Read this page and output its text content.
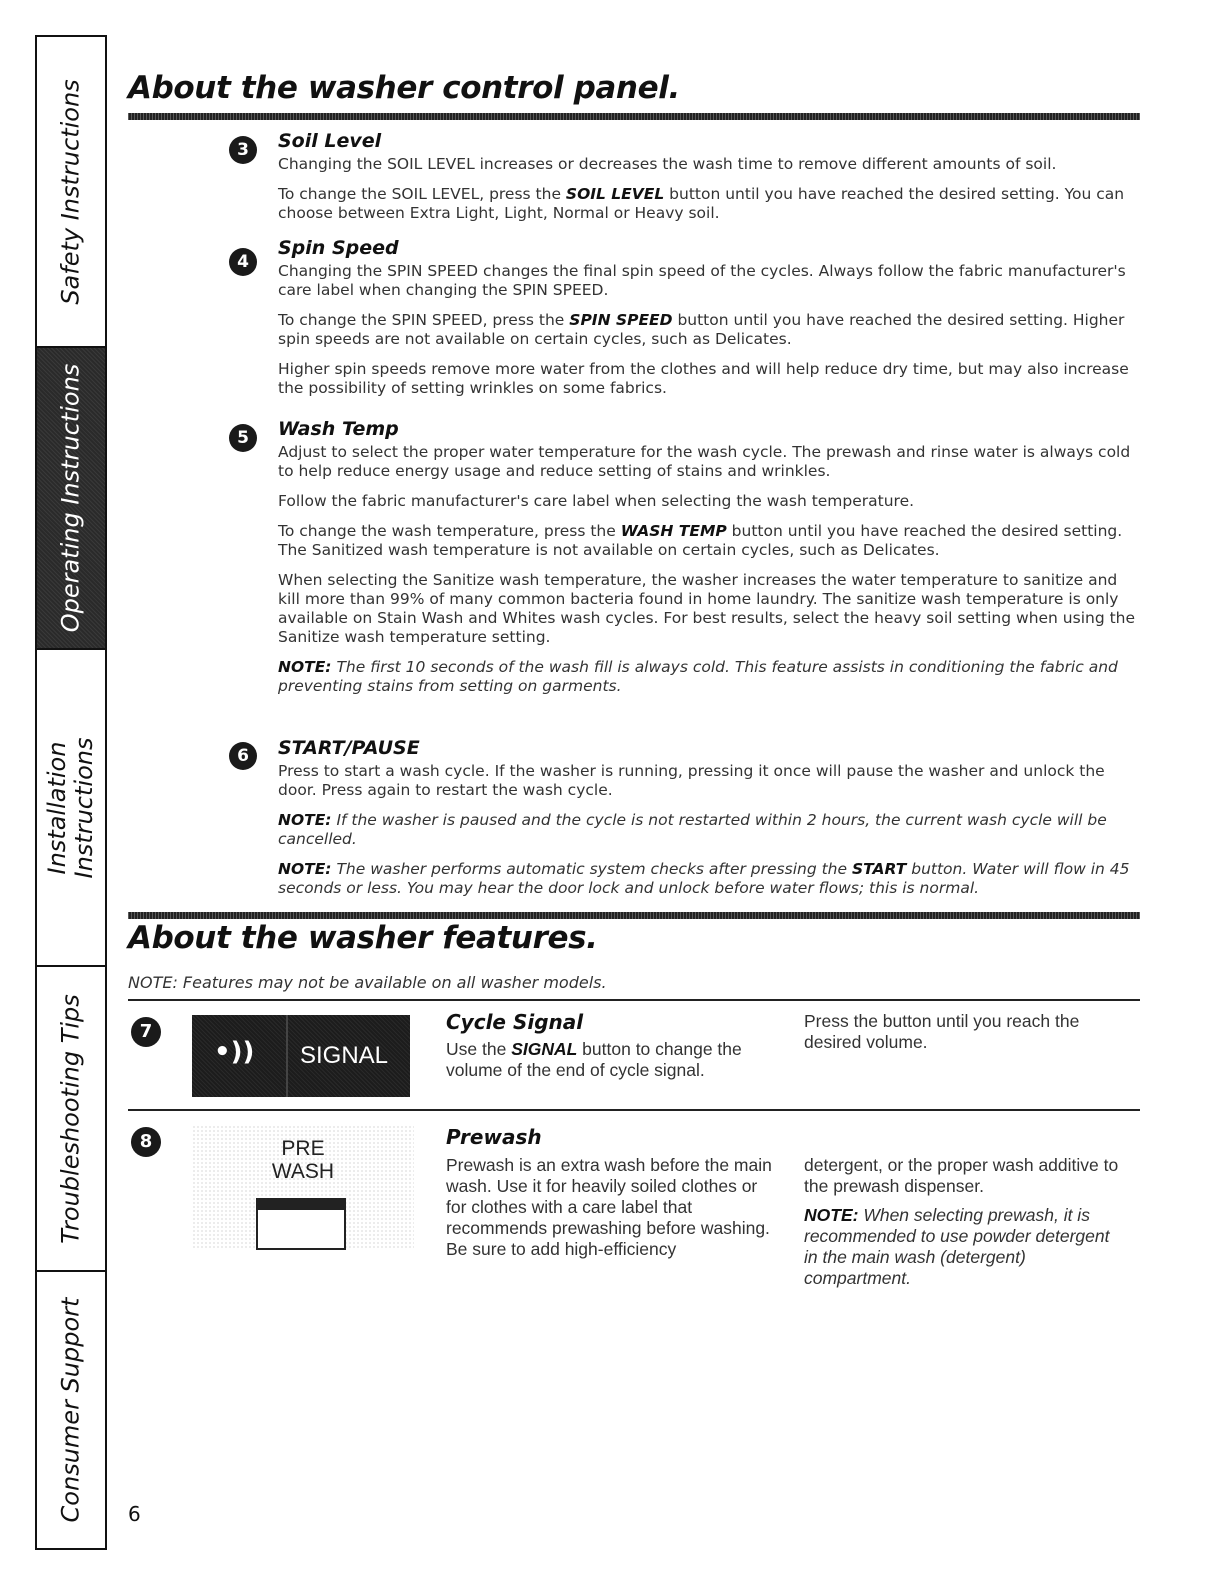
Safety Instructions
Operating Instructions
Installation Instructions
Troubleshooting Tips
Consumer Support
About the washer control panel.
3	Soil Level
Changing the SOIL LEVEL increases or decreases the wash time to remove different amounts of soil.
To change the SOIL LEVEL, press the SOIL LEVEL button until you have reached the desired setting. You can choose between Extra Light, Light, Normal or Heavy soil.
4
Spin Speed
Changing the SPIN SPEED changes the final spin speed of the cycles. Always follow the fabric manufacturer's care label when changing the SPIN SPEED.
To change the SPIN SPEED, press the SPIN SPEED button until you have reached the desired setting. Higher spin speeds are not available on certain cycles, such as Delicates.
Higher spin speeds remove more water from the clothes and will help reduce dry time, but may also increase the possibility of setting wrinkles on some fabrics.
5	Wash Temp
Adjust to select the proper water temperature for the wash cycle. The prewash and rinse water is always cold to help reduce energy usage and reduce setting of stains and wrinkles.
Follow the fabric manufacturer's care label when selecting the wash temperature.
To change the wash temperature, press the WASH TEMP button until you have reached the desired setting. The Sanitized wash temperature is not available on certain cycles, such as Delicates.
When selecting the Sanitize wash temperature, the washer increases the water temperature to sanitize and kill more than 99% of many common bacteria found in home laundry. The sanitize wash temperature is only available on Stain Wash and Whites wash cycles. For best results, select the heavy soil setting when using the Sanitize wash temperature setting.
NOTE: The first 10 seconds of the wash fill is always cold. This feature assists in conditioning the fabric and preventing stains from setting on garments.
6	START/PAUSE
Press to start a wash cycle. If the washer is running, pressing it once will pause the washer and unlock the door. Press again to restart the wash cycle.
NOTE: If the washer is paused and the cycle is not restarted within 2 hours, the current wash cycle will be cancelled.
NOTE: The washer performs automatic system checks after pressing the START button. Water will flow in 45 seconds or less. You may hear the door lock and unlock before water flows; this is normal.
About the washer features.
NOTE: Features may not be available on all washer models.
7
•)) SIGNAL
Cycle Signal
Use the SIGNAL button to change the volume of the end of cycle signal.
Press the button until you reach the desired volume.
8	PRE
WASH
Prewash
Prewash is an extra wash before the main wash. Use it for heavily soiled clothes or for clothes with a care label that recommends prewashing before washing. Be sure to add high-efficiency
detergent, or the proper wash additive to the prewash dispenser.
NOTE: When selecting prewash, it is recommended to use powder detergent in the main wash (detergent) compartment.
6
